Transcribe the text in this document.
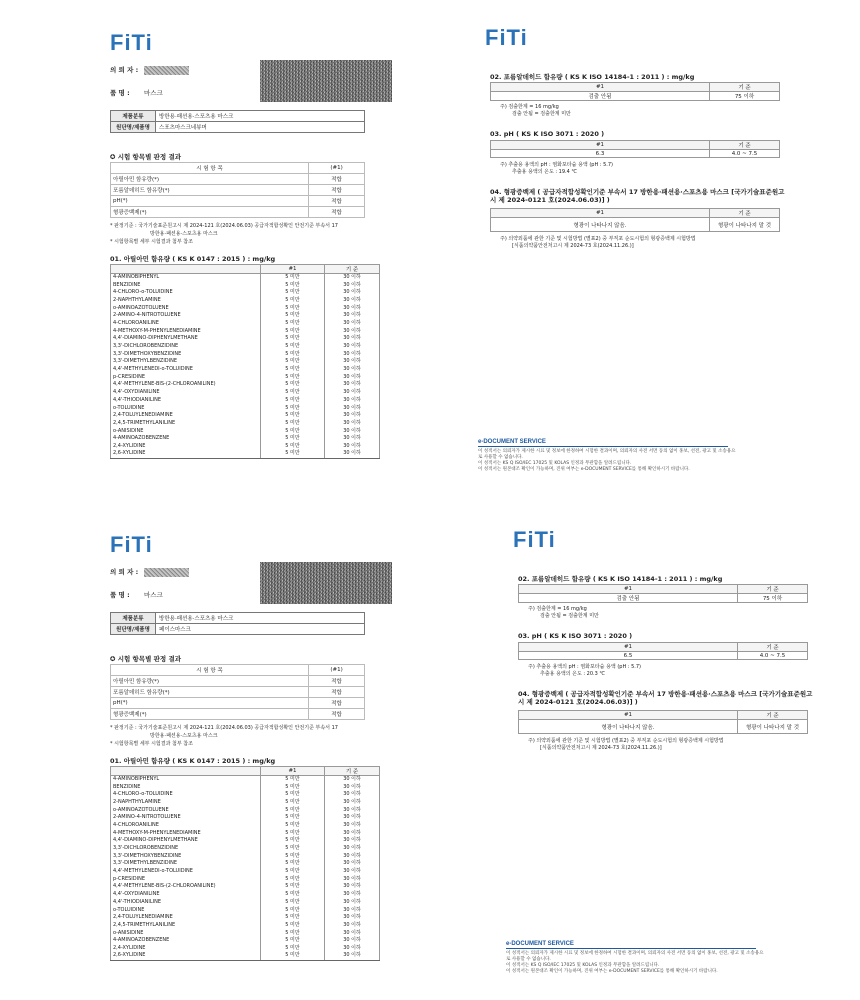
FiTi
의 뢰 자 :
품 명 : 마스크
제품분류	방한용·패션용·스포츠용 마스크
원단명/제품명	스포츠마스크네뷰머
✪ 시험 항목별 판정 결과
시 험 항 목	(#1)
아릴아민 함유량(*)	적합
포름알데히드 함유량(*)	적합
pH(*)	적합
형광증백제(*)	적합
* 판정기준 : 국가기술표준원고시 제 2024-121 호(2024.06.03) 공급자적합성확인 안전기준 부속서 17
방한용·패션용·스포츠용 마스크
* 시험항목별 세부 시험결과 첨부 참조
01. 아릴아민 함유량 ( KS K 0147 : 2015 ) : mg/kg
	#1	기 준
4-AMINOBIPHENYL	5 미만	30 이하
BENZIDINE	5 미만	30 이하
4-CHLORO-o-TOLUIDINE	5 미만	30 이하
2-NAPHTHYLAMINE	5 미만	30 이하
o-AMINOAZOTOLUENE	5 미만	30 이하
2-AMINO-4-NITROTOLUENE	5 미만	30 이하
4-CHLOROANILINE	5 미만	30 이하
4-METHOXY-M-PHENYLENEDIAMINE	5 미만	30 이하
4,4'-DIAMINO-DIPHENYLMETHANE	5 미만	30 이하
3,3'-DICHLOROBENZIDINE	5 미만	30 이하
3,3'-DIMETHOXYBENZIDINE	5 미만	30 이하
3,3'-DIMETHYLBENZIDINE	5 미만	30 이하
4,4'-METHYLENEDI-o-TOLUIDINE	5 미만	30 이하
p-CRESIDINE	5 미만	30 이하
4,4'-METHYLENE-BIS-(2-CHLOROANILINE)	5 미만	30 이하
4,4'-OXYDIANILINE	5 미만	30 이하
4,4'-THIODIANILINE	5 미만	30 이하
o-TOLUIDINE	5 미만	30 이하
2,4-TOLUYLENEDIAMINE	5 미만	30 이하
2,4,5-TRIMETHYLANILINE	5 미만	30 이하
o-ANISIDINE	5 미만	30 이하
4-AMINOAZOBENZENE	5 미만	30 이하
2,4-XYLIDINE	5 미만	30 이하
2,6-XYLIDINE	5 미만	30 이하
FiTi
의 뢰 자 :
품 명 : 마스크
제품분류	방한용·패션용·스포츠용 마스크
원단명/제품명	페이스마스크
✪ 시험 항목별 판정 결과
시 험 항 목	(#1)
아릴아민 함유량(*)	적합
포름알데히드 함유량(*)	적합
pH(*)	적합
형광증백제(*)	적합
* 판정기준 : 국가기술표준원고시 제 2024-121 호(2024.06.03) 공급자적합성확인 안전기준 부속서 17
방한용·패션용·스포츠용 마스크
* 시험항목별 세부 시험결과 첨부 참조
01. 아릴아민 함유량 ( KS K 0147 : 2015 ) : mg/kg
	#1	기 준
4-AMINOBIPHENYL	5 미만	30 이하
BENZIDINE	5 미만	30 이하
4-CHLORO-o-TOLUIDINE	5 미만	30 이하
2-NAPHTHYLAMINE	5 미만	30 이하
o-AMINOAZOTOLUENE	5 미만	30 이하
2-AMINO-4-NITROTOLUENE	5 미만	30 이하
4-CHLOROANILINE	5 미만	30 이하
4-METHOXY-M-PHENYLENEDIAMINE	5 미만	30 이하
4,4'-DIAMINO-DIPHENYLMETHANE	5 미만	30 이하
3,3'-DICHLOROBENZIDINE	5 미만	30 이하
3,3'-DIMETHOXYBENZIDINE	5 미만	30 이하
3,3'-DIMETHYLBENZIDINE	5 미만	30 이하
4,4'-METHYLENEDI-o-TOLUIDINE	5 미만	30 이하
p-CRESIDINE	5 미만	30 이하
4,4'-METHYLENE-BIS-(2-CHLOROANILINE)	5 미만	30 이하
4,4'-OXYDIANILINE	5 미만	30 이하
4,4'-THIODIANILINE	5 미만	30 이하
o-TOLUIDINE	5 미만	30 이하
2,4-TOLUYLENEDIAMINE	5 미만	30 이하
2,4,5-TRIMETHYLANILINE	5 미만	30 이하
o-ANISIDINE	5 미만	30 이하
4-AMINOAZOBENZENE	5 미만	30 이하
2,4-XYLIDINE	5 미만	30 이하
2,6-XYLIDINE	5 미만	30 이하
FiTi
02. 포름알데히드 함유량 ( KS K ISO 14184-1 : 2011 ) : mg/kg
#1	기 준
검출 안됨	75 이하
주) 검출한계 = 16 mg/kg
검출 안됨 = 검출한계 미만
03. pH ( KS K ISO 3071 : 2020 )
#1	기 준
6.3	4.0 ~ 7.5
주) 추출용 용액의 pH : 염화포타슘 용액 (pH : 5.7)
추출용 용액의 온도 : 19.4 ℃
04. 형광증백제 ( 공급자적합성확인기준 부속서 17 방한용·패션용·스포츠용 마스크 [국가기술표준원고시 제 2024-0121 호(2024.06.03)] )
#1	기 준
형광이 나타나지 않음.	형광이 나타나지 말 것
주) 의약외품에 관한 기준 및 시험방법 (별표2) 중 부직포 순도시험의 형광증백제 시험방법
[식품의약품안전처고시 제 2024-73 호(2024.11.26.)]
e-DOCUMENT SERVICE
이 성적서는 의뢰자가 제시한 시료 및 정보에 한정하여 시험한 결과이며, 의뢰자의 사전 서면 동의 없이 홍보, 선전, 광고 및 소송용으로 사용할 수 없습니다.
이 성적서는 KS Q ISO/IEC 17025 및 KOLAS 인정과 무관함을 알려드립니다.
이 성적서는 원본대조 확인이 가능하며, 진위 여부는 e-DOCUMENT SERVICE를 통해 확인하시기 바랍니다.
FiTi
02. 포름알데히드 함유량 ( KS K ISO 14184-1 : 2011 ) : mg/kg
#1	기 준
검출 안됨	75 이하
주) 검출한계 = 16 mg/kg
검출 안됨 = 검출한계 미만
03. pH ( KS K ISO 3071 : 2020 )
#1	기 준
6.5	4.0 ~ 7.5
주) 추출용 용액의 pH : 염화포타슘 용액 (pH : 5.7)
추출용 용액의 온도 : 20.3 ℃
04. 형광증백제 ( 공급자적합성확인기준 부속서 17 방한용·패션용·스포츠용 마스크 [국가기술표준원고시 제 2024-0121 호(2024.06.03)] )
#1	기 준
형광이 나타나지 않음.	형광이 나타나지 말 것
주) 의약외품에 관한 기준 및 시험방법 (별표2) 중 부직포 순도시험의 형광증백제 시험방법
[식품의약품안전처고시 제 2024-73 호(2024.11.26.)]
e-DOCUMENT SERVICE
이 성적서는 의뢰자가 제시한 시료 및 정보에 한정하여 시험한 결과이며, 의뢰자의 사전 서면 동의 없이 홍보, 선전, 광고 및 소송용으로 사용할 수 없습니다.
이 성적서는 KS Q ISO/IEC 17025 및 KOLAS 인정과 무관함을 알려드립니다.
이 성적서는 원본대조 확인이 가능하며, 진위 여부는 e-DOCUMENT SERVICE를 통해 확인하시기 바랍니다.
